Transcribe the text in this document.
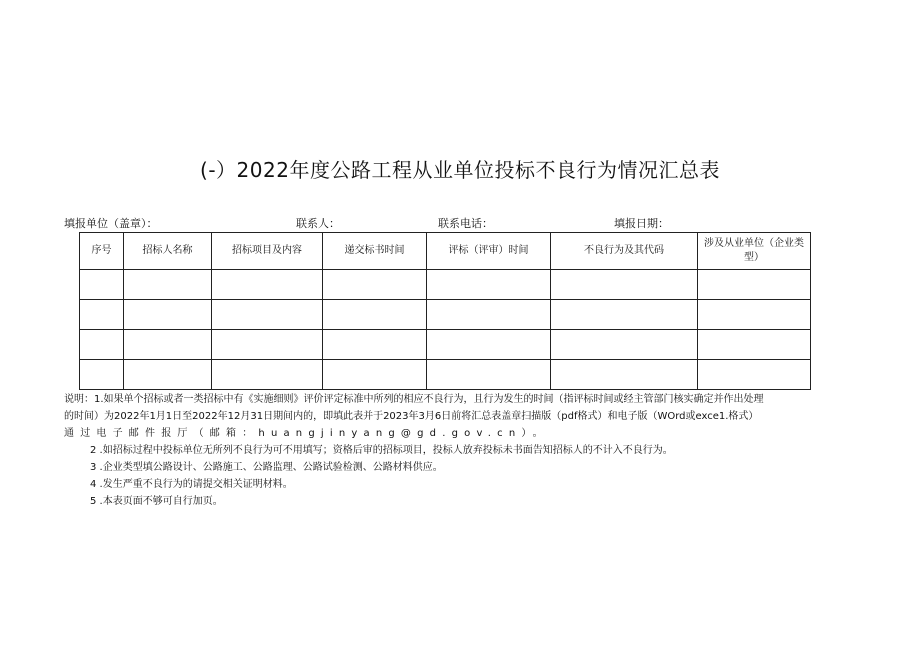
(-）2022年度公路工程从业单位投标不良行为情况汇总表
填报单位（盖章）：	联系人：	联系电话：	填报日期：
序号	招标人名称	招标项目及内容	递交标书时间	评标（评审）时间	不良行为及其代码	涉及从业单位（企业类型）

说明：1.如果单个招标或者一类招标中有《实施细则》评价评定标准中所列的相应不良行为，且行为发生的时间（指评标时间或经主管部门核实确定并作出处理
的时间）为2022年1月1日至2022年12月31日期间内的，即填此表并于2023年3月6日前将汇总表盖章扫描版（pdf格式）和电子版（WOrd或exce1.格式）
通过电子邮件报厅（邮箱：huangjinyang@gd.gov.cn）。
2 .如招标过程中投标单位无所列不良行为可不用填写；资格后审的招标项目，投标人放弃投标未书面告知招标人的不计入不良行为。
3 .企业类型填公路设计、公路施工、公路监理、公路试验检测、公路材料供应。
4 .发生严重不良行为的请提交相关证明材料。
5 .本表页面不够可自行加页。
